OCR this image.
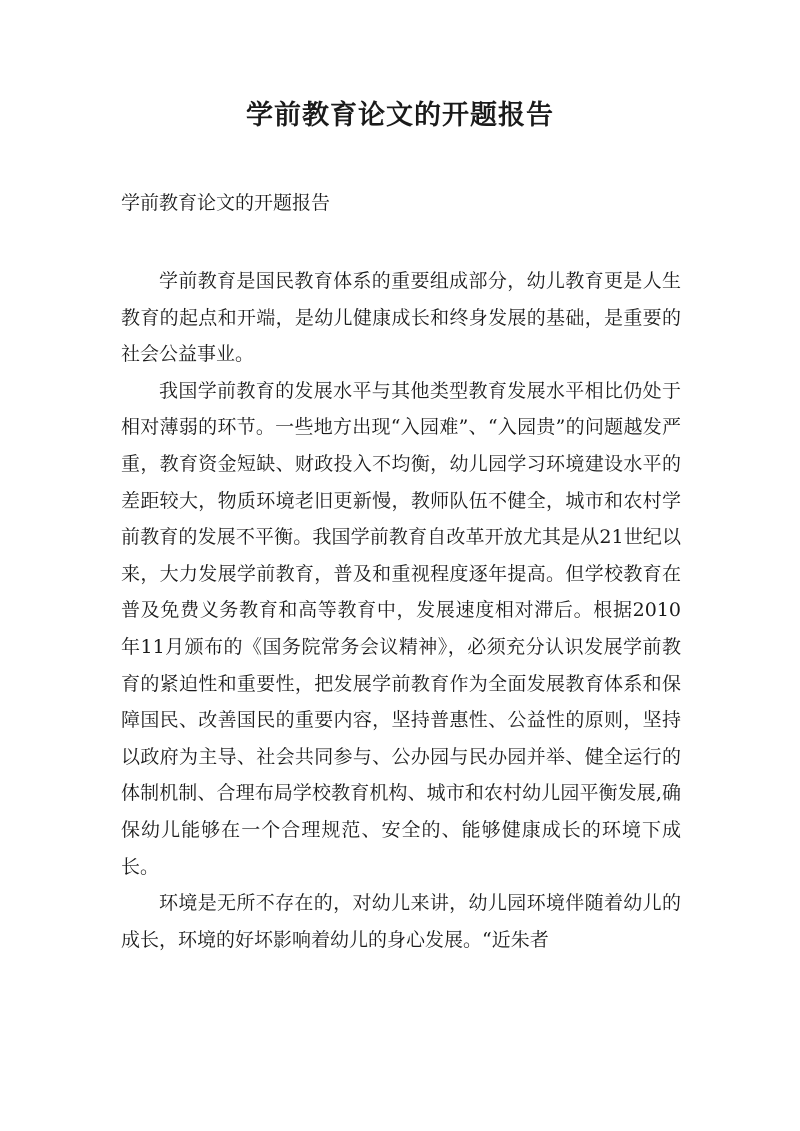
学前教育论文的开题报告
学前教育论文的开题报告

学前教育是国民教育体系的重要组成部分，幼儿教育更是人生教育的起点和开端，是幼儿健康成长和终身发展的基础，是重要的社会公益事业。

我国学前教育的发展水平与其他类型教育发展水平相比仍处于相对薄弱的环节。一些地方出现“入园难”、“入园贵”的问题越发严重，教育资金短缺、财政投入不均衡，幼儿园学习环境建设水平的差距较大，物质环境老旧更新慢，教师队伍不健全，城市和农村学前教育的发展不平衡。我国学前教育自改革开放尤其是从21世纪以来，大力发展学前教育，普及和重视程度逐年提高。但学校教育在普及免费义务教育和高等教育中，发展速度相对滞后。根据2010年11月颁布的《国务院常务会议精神》，必须充分认识发展学前教育的紧迫性和重要性，把发展学前教育作为全面发展教育体系和保障国民、改善国民的重要内容，坚持普惠性、公益性的原则，坚持以政府为主导、社会共同参与、公办园与民办园并举、健全运行的体制机制、合理布局学校教育机构、城市和农村幼儿园平衡发展,确保幼儿能够在一个合理规范、安全的、能够健康成长的环境下成长。

环境是无所不存在的，对幼儿来讲，幼儿园环境伴随着幼儿的成长，环境的好坏影响着幼儿的身心发展。“近朱者
